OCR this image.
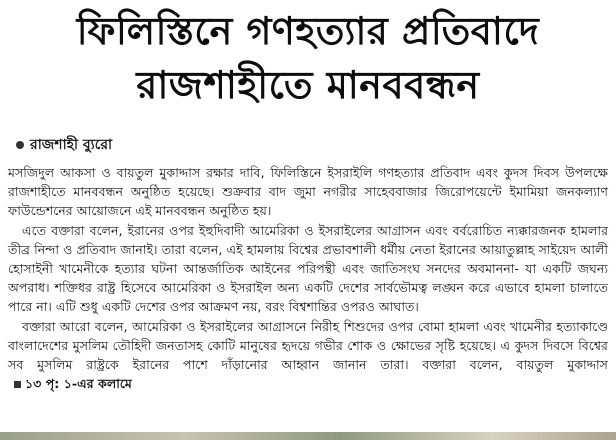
ফিলিস্তিনে গণহত্যার প্রতিবাদে
রাজশাহীতে মানববন্ধন
রাজশাহী ব্যুরো

মসজিদুল আকসা ও বায়তুল মুকাদ্দাস রক্ষার দাবি, ফিলিস্তিনে ইসরাইলি গণহত্যার প্রতিবাদ এবং কুদস দিবস উপলক্ষে রাজশাহীতে মানববন্ধন অনুষ্ঠিত হয়েছে। শুক্রবার বাদ জুমা নগরীর সাহেববাজার জিরোপয়েন্টে ইমামিয়া জনকল্যাণ ফাউন্ডেশনের আয়োজনে এই মানববন্ধন অনুষ্ঠিত হয়।

এতে বক্তারা বলেন, ইরানের ওপর ইহুদিবাদী আমেরিকা ও ইসরাইলের আগ্রাসন এবং বর্বরোচিত ন্যক্কারজনক হামলার তীব্র নিন্দা ও প্রতিবাদ জানাই। তারা বলেন, এই হামলায় বিশ্বের প্রভাবশালী ধর্মীয় নেতা ইরানের আয়াতুল্লাহ সাইয়েদ আলী হোসাইনী খামেনীকে হত্যার ঘটনা আন্তর্জাতিক আইনের পরিপন্থী এবং জাতিসংঘ সনদের অবমাননা- যা একটি জঘন্য অপরাধ। শক্তিধর রাষ্ট্র হিসেবে আমেরিকা ও ইসরাইল অন্য একটি দেশের সার্বভৌমত্ব লঙ্ঘন করে এভাবে হামলা চালাতে পারে না। এটি শুধু একটি দেশের ওপর আক্রমণ নয়, বরং বিশ্বশান্তির ওপরও আঘাত।

বক্তারা আরো বলেন, আমেরিকা ও ইসরাইলের আগ্রাসনে নিরীহ শিশুদের ওপর বোমা হামলা এবং খামেনীর হত্যাকাণ্ডে বাংলাদেশের মুসলিম তৌহিদী জনতাসহ কোটি মানুষের হৃদয়ে গভীর শোক ও ক্ষোভের সৃষ্টি হয়েছে। এ কুদস দিবসে বিশ্বের সব মুসলিম রাষ্ট্রকে ইরানের পাশে দাঁড়ানোর আহ্বান জানান তারা। বক্তারা বলেন, বায়তুল মুকাদ্দাস১৩ পৃ: ১-এর কলামে
